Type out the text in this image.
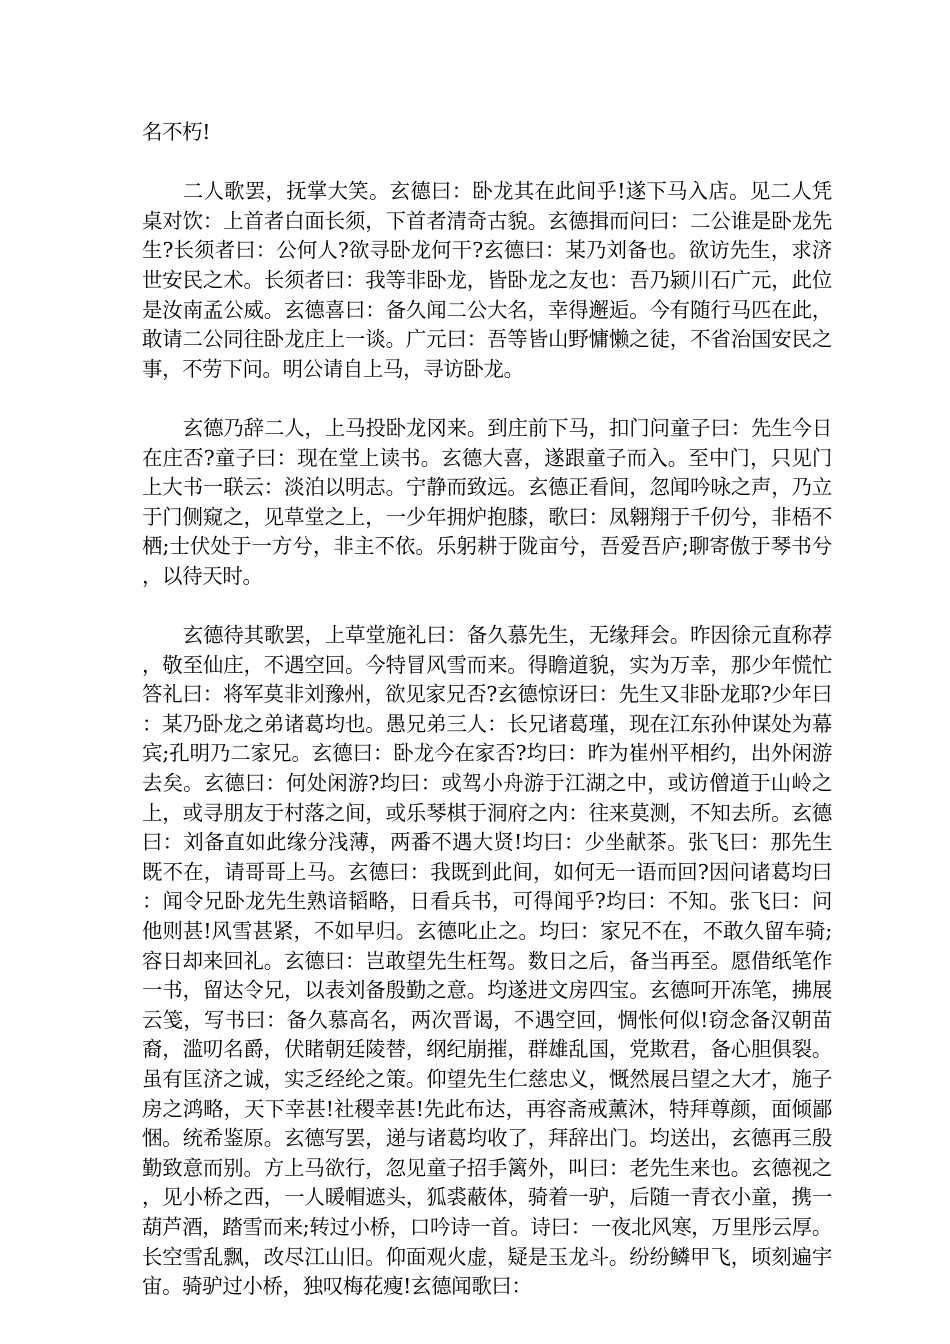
名不朽!

二人歌罢，抚掌大笑。玄德曰：卧龙其在此间乎!遂下马入店。见二人凭桌对饮：上首者白面长须，下首者清奇古貌。玄德揖而问曰：二公谁是卧龙先生?长须者曰：公何人?欲寻卧龙何干?玄德曰：某乃刘备也。欲访先生，求济世安民之术。长须者曰：我等非卧龙，皆卧龙之友也：吾乃颍川石广元，此位是汝南孟公威。玄德喜曰：备久闻二公大名，幸得邂逅。今有随行马匹在此，敢请二公同往卧龙庄上一谈。广元曰：吾等皆山野慵懒之徒，不省治国安民之事，不劳下问。明公请自上马，寻访卧龙。

玄德乃辞二人，上马投卧龙冈来。到庄前下马，扣门问童子曰：先生今日在庄否?童子曰：现在堂上读书。玄德大喜，遂跟童子而入。至中门，只见门上大书一联云：淡泊以明志。宁静而致远。玄德正看间，忽闻吟咏之声，乃立于门侧窥之，见草堂之上，一少年拥炉抱膝，歌曰：凤翱翔于千仞兮，非梧不栖;士伏处于一方兮，非主不依。乐躬耕于陇亩兮，吾爱吾庐;聊寄傲于琴书兮，以待天时。

玄德待其歌罢，上草堂施礼曰：备久慕先生，无缘拜会。昨因徐元直称荐，敬至仙庄，不遇空回。今特冒风雪而来。得瞻道貌，实为万幸，那少年慌忙答礼曰：将军莫非刘豫州，欲见家兄否?玄德惊讶曰：先生又非卧龙耶?少年曰：某乃卧龙之弟诸葛均也。愚兄弟三人：长兄诸葛瑾，现在江东孙仲谋处为幕宾;孔明乃二家兄。玄德曰：卧龙今在家否?均曰：昨为崔州平相约，出外闲游去矣。玄德曰：何处闲游?均曰：或驾小舟游于江湖之中，或访僧道于山岭之上，或寻朋友于村落之间，或乐琴棋于洞府之内：往来莫测，不知去所。玄德曰：刘备直如此缘分浅薄，两番不遇大贤!均曰：少坐献茶。张飞曰：那先生既不在，请哥哥上马。玄德曰：我既到此间，如何无一语而回?因问诸葛均曰：闻令兄卧龙先生熟谙韬略，日看兵书，可得闻乎?均曰：不知。张飞曰：问他则甚!风雪甚紧，不如早归。玄德叱止之。均曰：家兄不在，不敢久留车骑;容日却来回礼。玄德曰：岂敢望先生枉驾。数日之后，备当再至。愿借纸笔作一书，留达令兄，以表刘备殷勤之意。均遂进文房四宝。玄德呵开冻笔，拂展云笺，写书曰：备久慕高名，两次晋谒，不遇空回，惆怅何似!窃念备汉朝苗裔，滥叨名爵，伏睹朝廷陵替，纲纪崩摧，群雄乱国，党欺君，备心胆俱裂。虽有匡济之诚，实乏经纶之策。仰望先生仁慈忠义，慨然展吕望之大才，施子房之鸿略，天下幸甚!社稷幸甚!先此布达，再容斋戒薰沐，特拜尊颜，面倾鄙悃。统希鉴原。玄德写罢，递与诸葛均收了，拜辞出门。均送出，玄德再三殷勤致意而别。方上马欲行，忽见童子招手篱外，叫曰：老先生来也。玄德视之，见小桥之西，一人暖帽遮头，狐裘蔽体，骑着一驴，后随一青衣小童，携一葫芦酒，踏雪而来;转过小桥，口吟诗一首。诗曰：一夜北风寒，万里彤云厚。长空雪乱飘，改尽江山旧。仰面观火虚，疑是玉龙斗。纷纷鳞甲飞，顷刻遍宇宙。骑驴过小桥，独叹梅花瘦!玄德闻歌曰：
